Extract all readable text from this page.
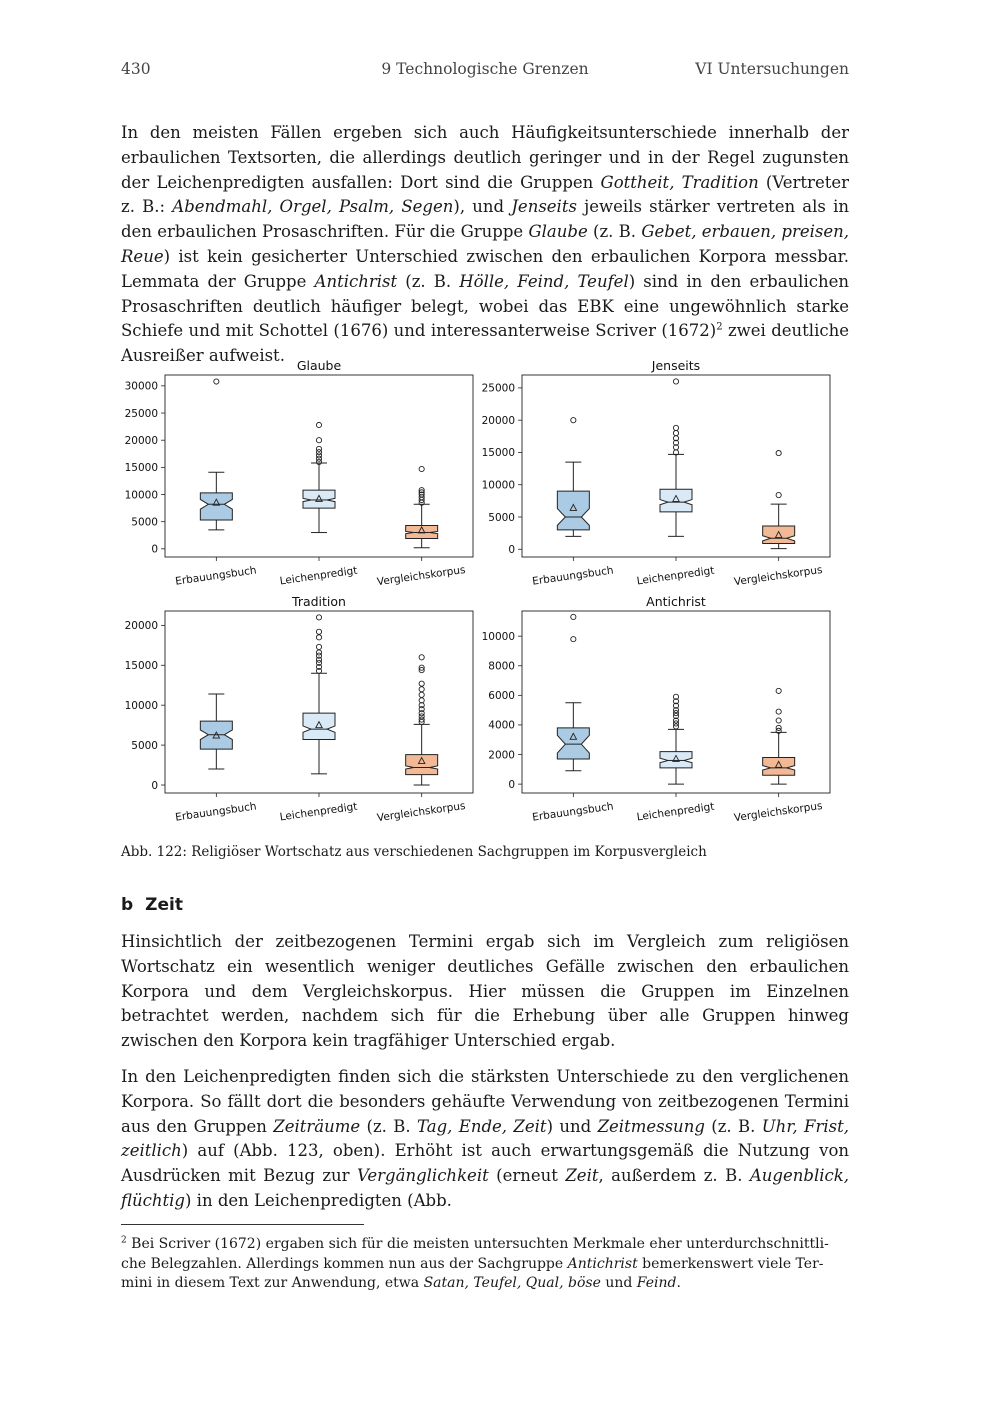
430	9 Technologische Grenzen	VI Untersuchungen

In den meisten Fällen ergeben sich auch Häufigkeitsunterschiede innerhalb der erbaulichen Textsorten, die allerdings deutlich geringer und in der Regel zugunsten der Leichenpredigten ausfallen: Dort sind die Gruppen Gottheit, Tradition (Vertreter z. B.: Abendmahl, Orgel, Psalm, Segen), und Jenseits jeweils stärker vertreten als in den erbaulichen Prosaschriften. Für die Gruppe Glaube (z. B. Gebet, erbauen, preisen, Reue) ist kein gesicherter Unterschied zwischen den erbaulichen Korpora messbar. Lemmata der Gruppe Antichrist (z. B. Hölle, Feind, Teufel) sind in den erbaulichen Prosaschriften deutlich häufiger belegt, wobei das EBK eine ungewöhnlich starke Schiefe und mit Schottel (1676) und interessanterweise Scriver $(1672)^2$ zwei deutliche Ausreißer aufweist.

Glaube
0
5000
10000
15000
20000
25000
30000
Erbauungsbuch Leichenpredigt Vergleichskorpus
Jenseits
0
5000
10000
15000
20000
25000
Erbauungsbuch Leichenpredigt Vergleichskorpus
Tradition
0
5000
10000
15000
20000
Erbauungsbuch Leichenpredigt Vergleichskorpus
Antichrist
0
2000
4000
6000
8000
10000
Erbauungsbuch Leichenpredigt Vergleichskorpus

Abb. 122: Religiöser Wortschatz aus verschiedenen Sachgruppen im Korpusvergleich

b Zeit

Hinsichtlich der zeitbezogenen Termini ergab sich im Vergleich zum religiösen Wortschatz ein wesentlich weniger deutliches Gefälle zwischen den erbaulichen Korpora und dem Vergleichskorpus. Hier müssen die Gruppen im Einzelnen betrachtet werden, nachdem sich für die Erhebung über alle Gruppen hinweg zwischen den Korpora kein tragfähiger Unterschied ergab.

In den Leichenpredigten finden sich die stärksten Unterschiede zu den verglichenen Korpora. So fällt dort die besonders gehäufte Verwendung von zeitbezogenen Termini aus den Gruppen Zeiträume (z. B. Tag, Ende, Zeit) und Zeitmessung (z. B. Uhr, Frist, zeitlich) auf (Abb. 123, oben). Erhöht ist auch erwartungsgemäß die Nutzung von Ausdrücken mit Bezug zur Vergänglichkeit (erneut Zeit, außerdem z. B. Augenblick, flüchtig) in den Leichenpredigten (Abb.

$^2$ Bei Scriver (1672) ergaben sich für die meisten untersuchten Merkmale eher unterdurchschnittliche Belegzahlen. Allerdings kommen nun aus der Sachgruppe Antichrist bemerkenswert viele Termini in diesem Text zur Anwendung, etwa Satan, Teufel, Qual, böse und Feind.
